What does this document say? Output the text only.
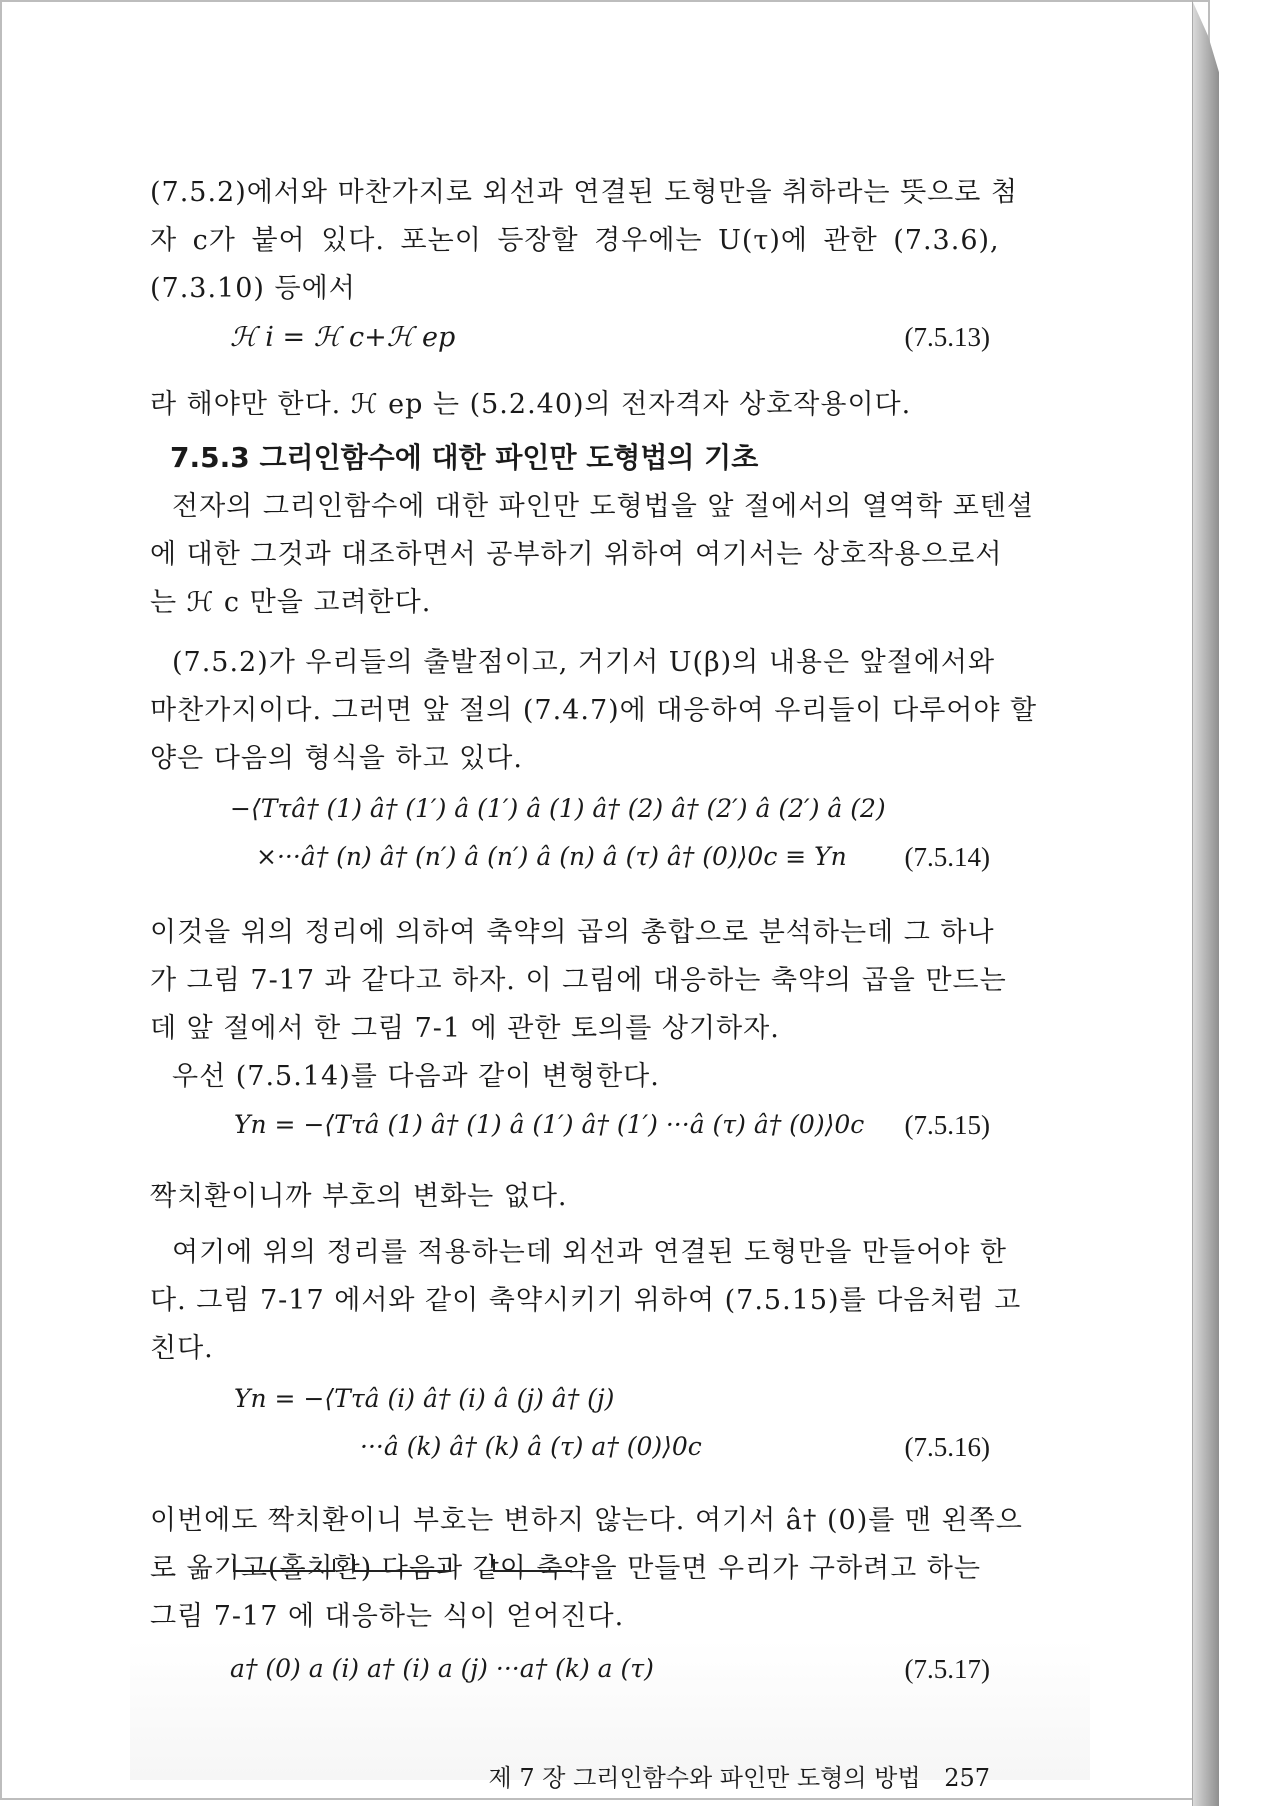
(7.5.2)에서와 마찬가지로 외선과 연결된 도형만을 취하라는 뜻으로 첨
자 c가 붙어 있다. 포논이 등장할 경우에는 U(τ)에 관한 (7.3.6),
(7.3.10) 등에서
ℋ i = ℋ c+ℋ ep	(7.5.13)
라 해야만 한다. ℋ ep 는 (5.2.40)의 전자격자 상호작용이다.
7.5.3 그리인함수에 대한 파인만 도형법의 기초
전자의 그리인함수에 대한 파인만 도형법을 앞 절에서의 열역학 포텐셜
에 대한 그것과 대조하면서 공부하기 위하여 여기서는 상호작용으로서
는 ℋ c 만을 고려한다.
(7.5.2)가 우리들의 출발점이고, 거기서 U(β)의 내용은 앞절에서와
마찬가지이다. 그러면 앞 절의 (7.4.7)에 대응하여 우리들이 다루어야 할
양은 다음의 형식을 하고 있다.
−⟨Tτâ† (1) â† (1′) â (1′) â (1) â† (2) â† (2′) â (2′) â (2)
×···â† (n) â† (n′) â (n′) â (n) â (τ) â† (0)⟩0c ≡ Yn (7.5.14)
이것을 위의 정리에 의하여 축약의 곱의 총합으로 분석하는데 그 하나
가 그림 7-17 과 같다고 하자. 이 그림에 대응하는 축약의 곱을 만드는
데 앞 절에서 한 그림 7-1 에 관한 토의를 상기하자.
우선 (7.5.14)를 다음과 같이 변형한다.
Yn = −⟨Tτâ (1) â† (1) â (1′) â† (1′) ···â (τ) â† (0)⟩0c (7.5.15)
짝치환이니까 부호의 변화는 없다.
여기에 위의 정리를 적용하는데 외선과 연결된 도형만을 만들어야 한
다. 그림 7-17 에서와 같이 축약시키기 위하여 (7.5.15)를 다음처럼 고
친다.
Yn = −⟨Tτâ (i) â† (i) â (j) â† (j)
···â (k) â† (k) â (τ) a† (0)⟩0c	(7.5.16)
이번에도 짝치환이니 부호는 변하지 않는다. 여기서 â† (0)를 맨 왼쪽으
로 옮기고(홀치환) 다음과 같이 축약을 만들면 우리가 구하려고 하는
그림 7-17 에 대응하는 식이 얻어진다.
a† (0) a (i) a† (i) a (j) ···a† (k) a (τ)	(7.5.17)
제 7 장 그리인함수와 파인만 도형의 방법 257
